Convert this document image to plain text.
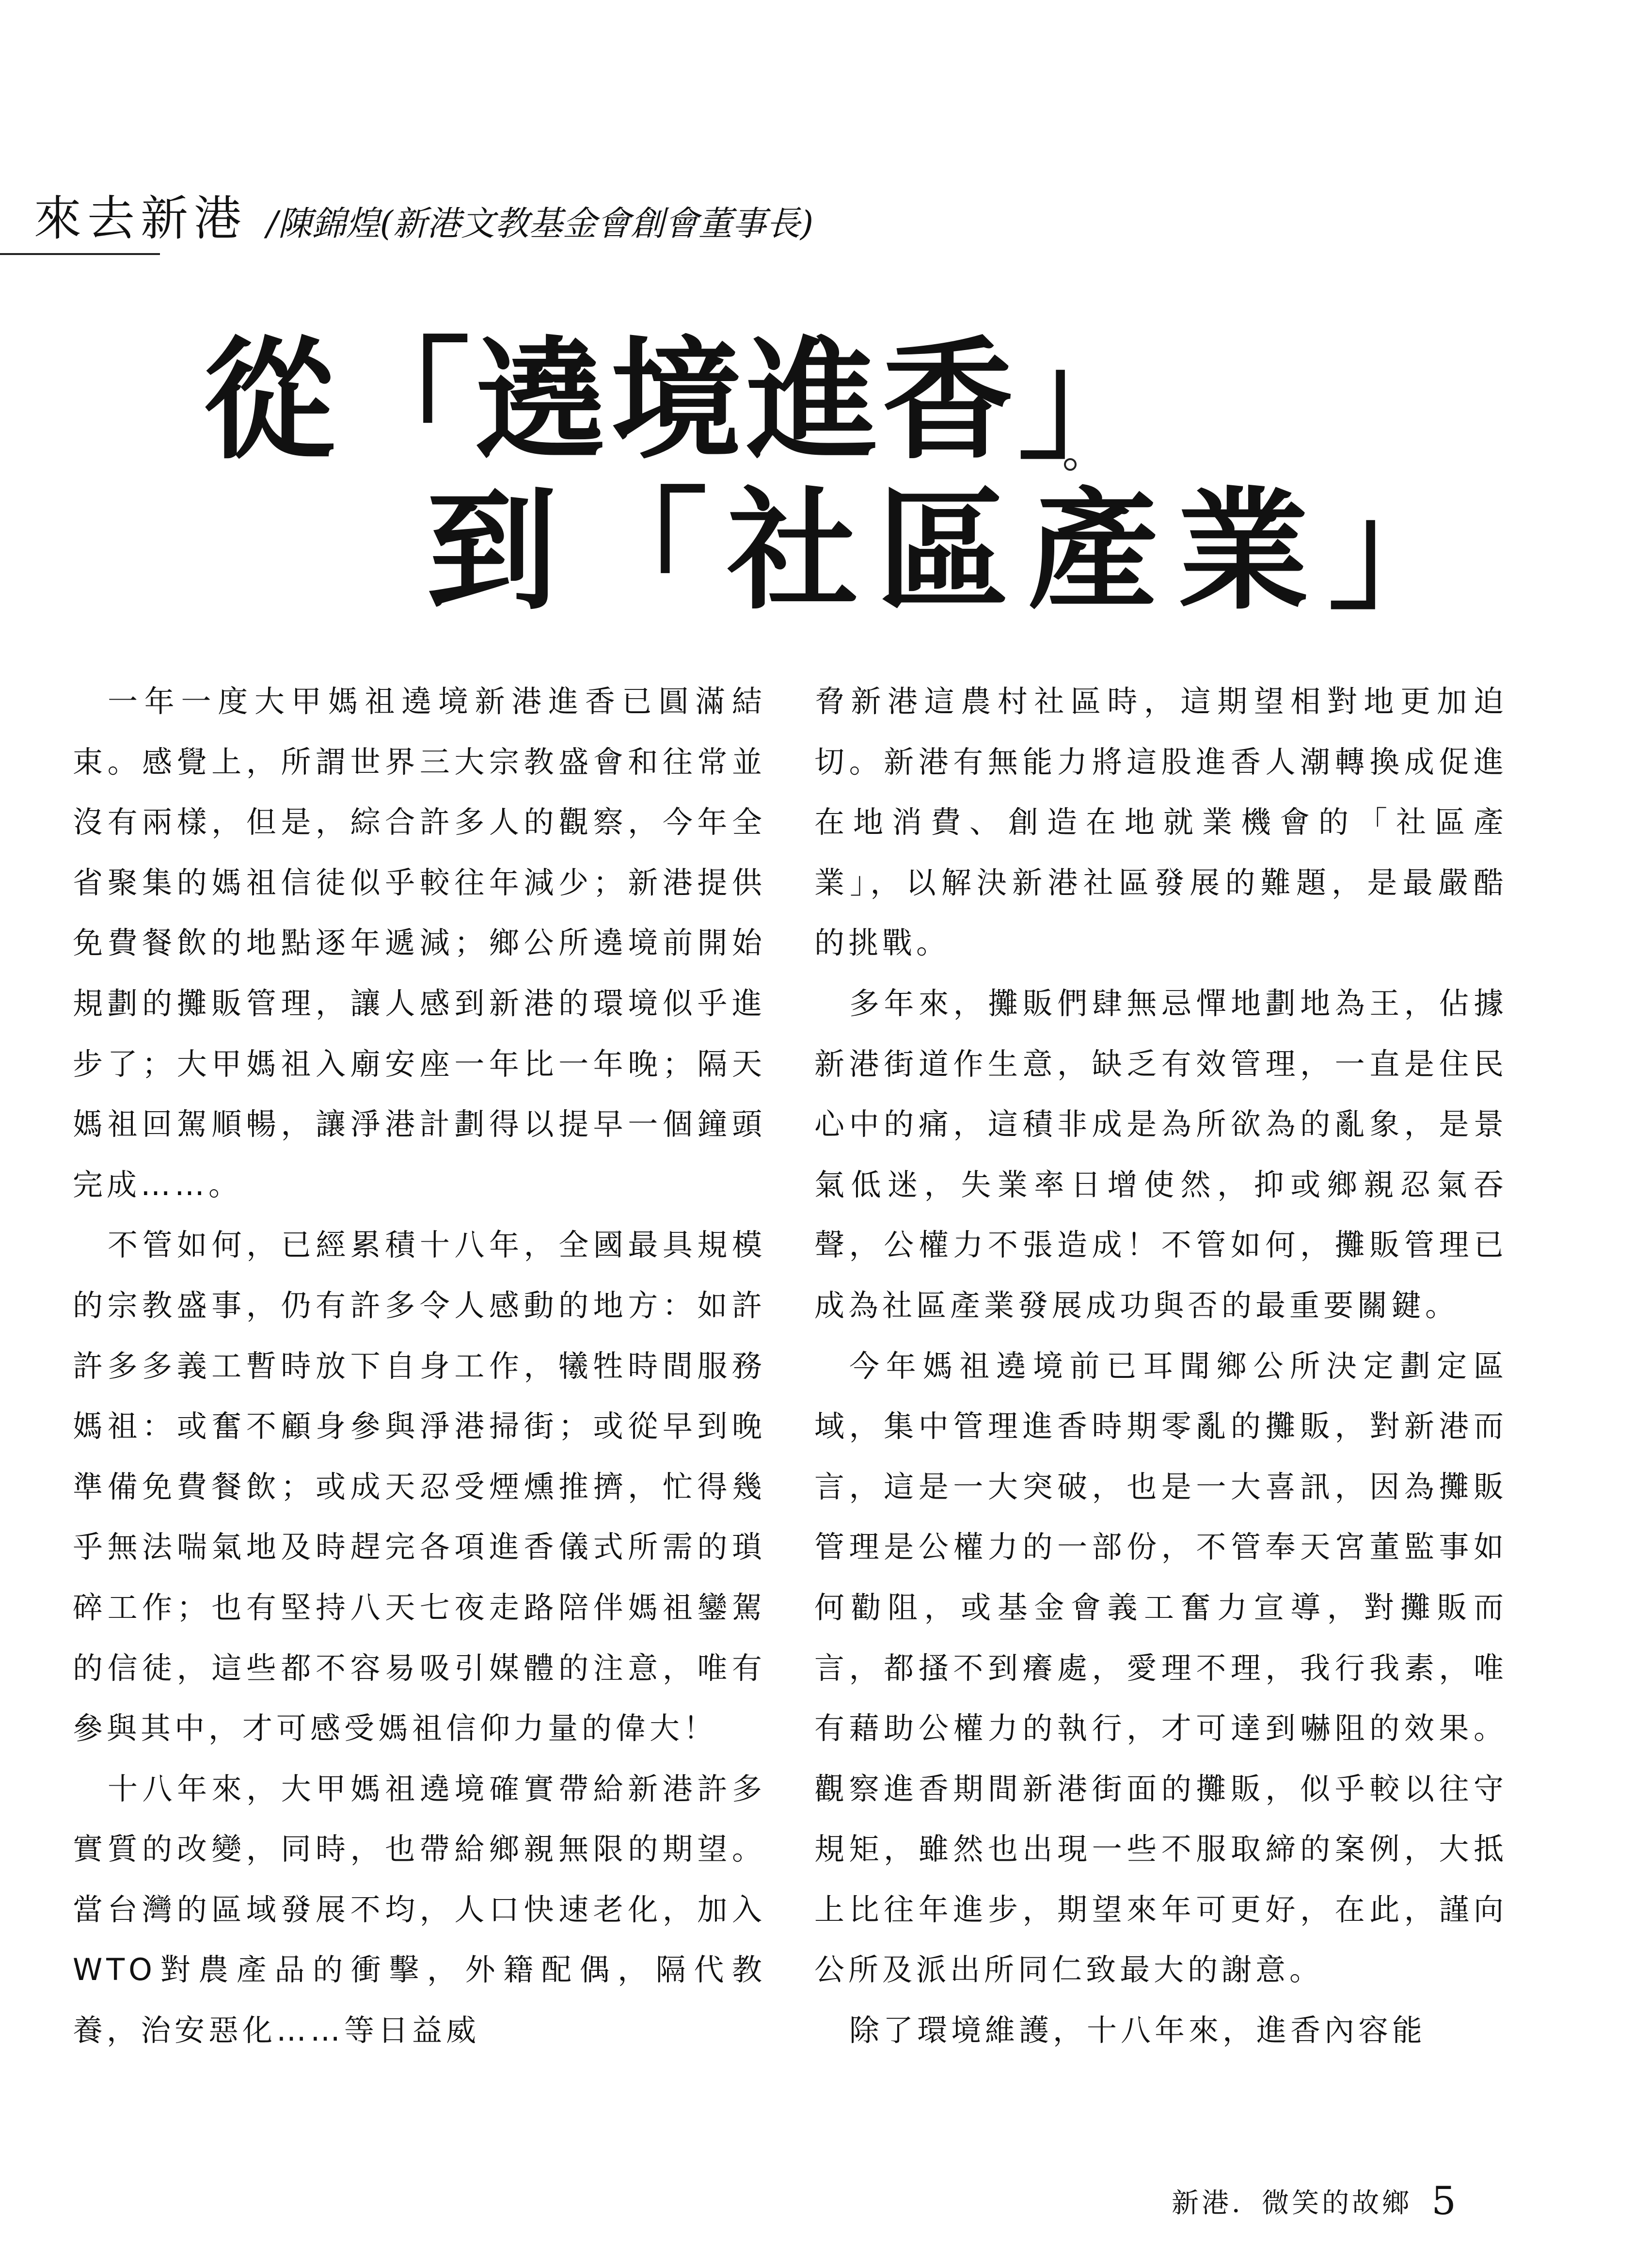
來去新港 /陳錦煌(新港文教基金會創會董事長)
從「遶境進香」
到「社區產業」

一年一度大甲媽祖遶境新港進香已圓滿結束。感覺上，所謂世界三大宗教盛會和往常並沒有兩樣，但是，綜合許多人的觀察，今年全省聚集的媽祖信徒似乎較往年減少；新港提供免費餐飲的地點逐年遞減；鄉公所遶境前開始規劃的攤販管理，讓人感到新港的環境似乎進步了；大甲媽祖入廟安座一年比一年晚；隔天媽祖回駕順暢，讓淨港計劃得以提早一個鐘頭完成……。

不管如何，已經累積十八年，全國最具規模的宗教盛事，仍有許多令人感動的地方：如許許多多義工暫時放下自身工作，犧牲時間服務媽祖：或奮不顧身參與淨港掃街；或從早到晚準備免費餐飲；或成天忍受煙燻推擠，忙得幾乎無法喘氣地及時趕完各項進香儀式所需的瑣碎工作；也有堅持八天七夜走路陪伴媽祖鑾駕的信徒，這些都不容易吸引媒體的注意，唯有參與其中，才可感受媽祖信仰力量的偉大！

十八年來，大甲媽祖遶境確實帶給新港許多實質的改變，同時，也帶給鄉親無限的期望。當台灣的區域發展不均，人口快速老化，加入WTO對農產品的衝擊，外籍配偶，隔代教養，治安惡化……等日益威

脅新港這農村社區時，這期望相對地更加迫切。新港有無能力將這股進香人潮轉換成促進在地消費、創造在地就業機會的「社區產業」，以解決新港社區發展的難題，是最嚴酷的挑戰。

多年來，攤販們肆無忌憚地劃地為王，佔據新港街道作生意，缺乏有效管理，一直是住民心中的痛，這積非成是為所欲為的亂象，是景氣低迷，失業率日增使然，抑或鄉親忍氣吞聲，公權力不張造成！不管如何，攤販管理已成為社區產業發展成功與否的最重要關鍵。

今年媽祖遶境前已耳聞鄉公所決定劃定區域，集中管理進香時期零亂的攤販，對新港而言，這是一大突破，也是一大喜訊，因為攤販管理是公權力的一部份，不管奉天宮董監事如何勸阻，或基金會義工奮力宣導，對攤販而言，都搔不到癢處，愛理不理，我行我素，唯有藉助公權力的執行，才可達到嚇阻的效果。觀察進香期間新港街面的攤販，似乎較以往守規矩，雖然也出現一些不服取締的案例，大抵上比往年進步，期望來年可更好，在此，謹向公所及派出所同仁致最大的謝意。

除了環境維護，十八年來，進香內容能

新港．微笑的故鄉 5
